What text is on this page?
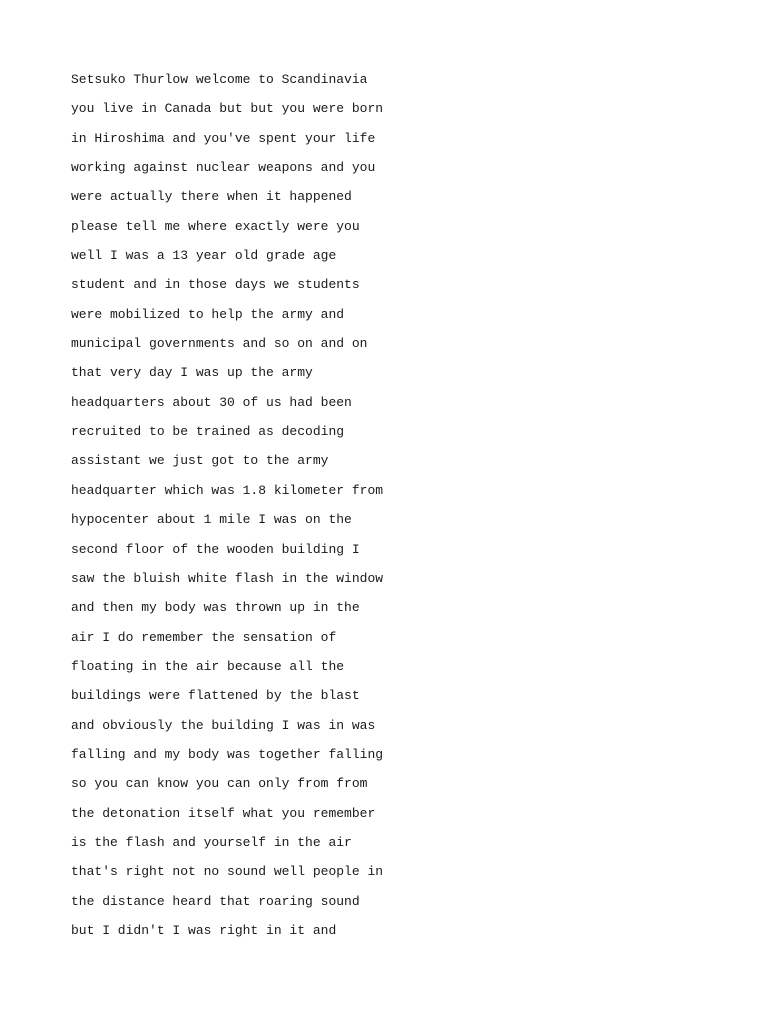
Setsuko Thurlow welcome to Scandinavia
you live in Canada but but you were born
in Hiroshima and you've spent your life
working against nuclear weapons and you
were actually there when it happened
please tell me where exactly were you
well I was a 13 year old grade age
student and in those days we students
were mobilized to help the army and
municipal governments and so on and on
that very day I was up the army
headquarters about 30 of us had been
recruited to be trained as decoding
assistant we just got to the army
headquarter which was 1.8 kilometer from
hypocenter about 1 mile I was on the
second floor of the wooden building I
saw the bluish white flash in the window
and then my body was thrown up in the
air I do remember the sensation of
floating in the air because all the
buildings were flattened by the blast
and obviously the building I was in was
falling and my body was together falling
so you can know you can only from from
the detonation itself what you remember
is the flash and yourself in the air
that's right not no sound well people in
the distance heard that roaring sound
but I didn't I was right in it and
